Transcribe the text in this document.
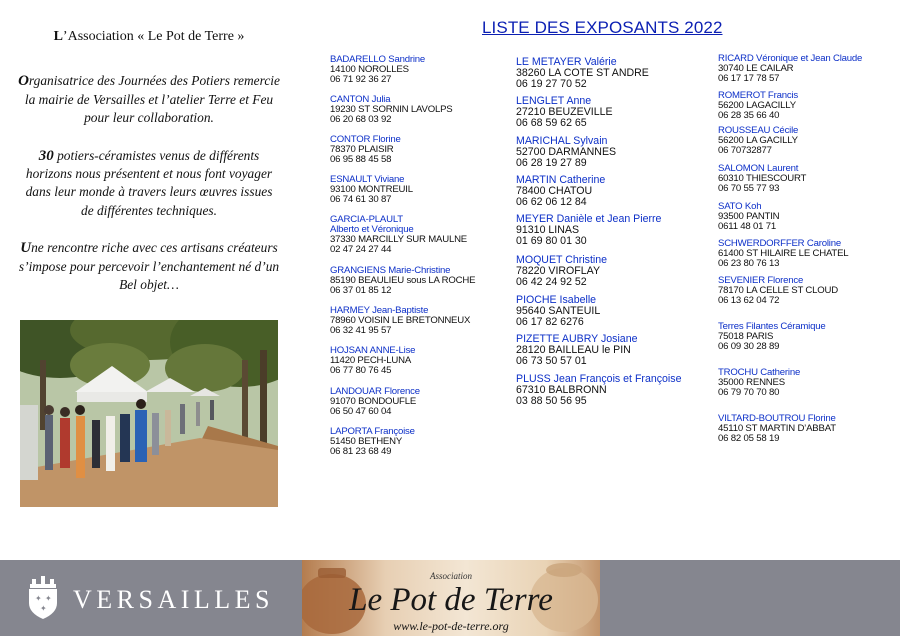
L’Association « Le Pot de Terre »

Organisatrice des Journées des Potiers remercie la mairie de Versailles et l’atelier Terre et Feu pour leur collaboration.

30 potiers-céramistes venus de différents horizons nous présentent et nous font voyager dans leur monde à travers leurs œuvres issues de différentes techniques.

Une rencontre riche avec ces artisans créateurs s’impose pour percevoir l’enchantement né d’un Bel objet…

LISTE DES EXPOSANTS 2022
BADARELLO Sandrine
14100 NOROLLES
06 71 92 36 27
CANTON Julia
19230 ST SORNIN LAVOLPS
06 20 68 03 92
CONTOR Florine
78370 PLAISIR
06 95 88 45 58
ESNAULT Viviane
93100 MONTREUIL
06 74 61 30 87
GARCIA-PLAULT
Alberto et Véronique
37330 MARCILLY SUR MAULNE
02 47 24 27 44
GRANGIENS Marie-Christine
85190 BEAULIEU sous LA ROCHE
06 37 01 85 12
HARMEY Jean-Baptiste
78960 VOISIN LE BRETONNEUX
06 32 41 95 57
HOJSAN ANNE-Lise
11420 PECH-LUNA
06 77 80 76 45
LANDOUAR Florence
91070 BONDOUFLE
06 50 47 60 04
LAPORTA Françoise
51450 BETHENY
06 81 23 68 49
LE METAYER Valérie
38260 LA COTE ST ANDRE
06 19 27 70 52
LENGLET Anne
27210 BEUZEVILLE
06 68 59 62 65
MARICHAL Sylvain
52700 DARMANNES
06 28 19 27 89
MARTIN Catherine
78400 CHATOU
06 62 06 12 84
MEYER Danièle et Jean Pierre
91310 LINAS
01 69 80 01 30
MOQUET Christine
78220 VIROFLAY
06 42 24 92 52
PIOCHE Isabelle
95640 SANTEUIL
06 17 82 6276
PIZETTE AUBRY Josiane
28120 BAILLEAU le PIN
06 73 50 57 01
PLUSS Jean François et Françoise
67310 BALBRONN
03 88 50 56 95
RICARD Véronique et Jean Claude
30740 LE CAILAR
06 17 17 78 57
ROMEROT Francis
56200 LAGACILLY
06 28 35 66 40
ROUSSEAU Cécile
56200 LA GACILLY
06 70732877
SALOMON Laurent
60310 THIESCOURT
06 70 55 77 93
SATO Koh
93500 PANTIN
0611 48 01 71
SCHWERDORFFER Caroline
61400 ST HILAIRE LE CHATEL
06 23 80 76 13
SEVENIER Florence
78170 LA CELLE ST CLOUD
06 13 62 04 72
Terres Filantes Céramique
75018 PARIS
06 09 30 28 89
TROCHU Catherine
35000 RENNES
06 79 70 70 80
VILTARD-BOUTROU Florine
45110 ST MARTIN D’ABBAT
06 82 05 58 19
✦ ✦
✦ VERSAILLES
Association
Le Pot de Terre
www.le-pot-de-terre.org
